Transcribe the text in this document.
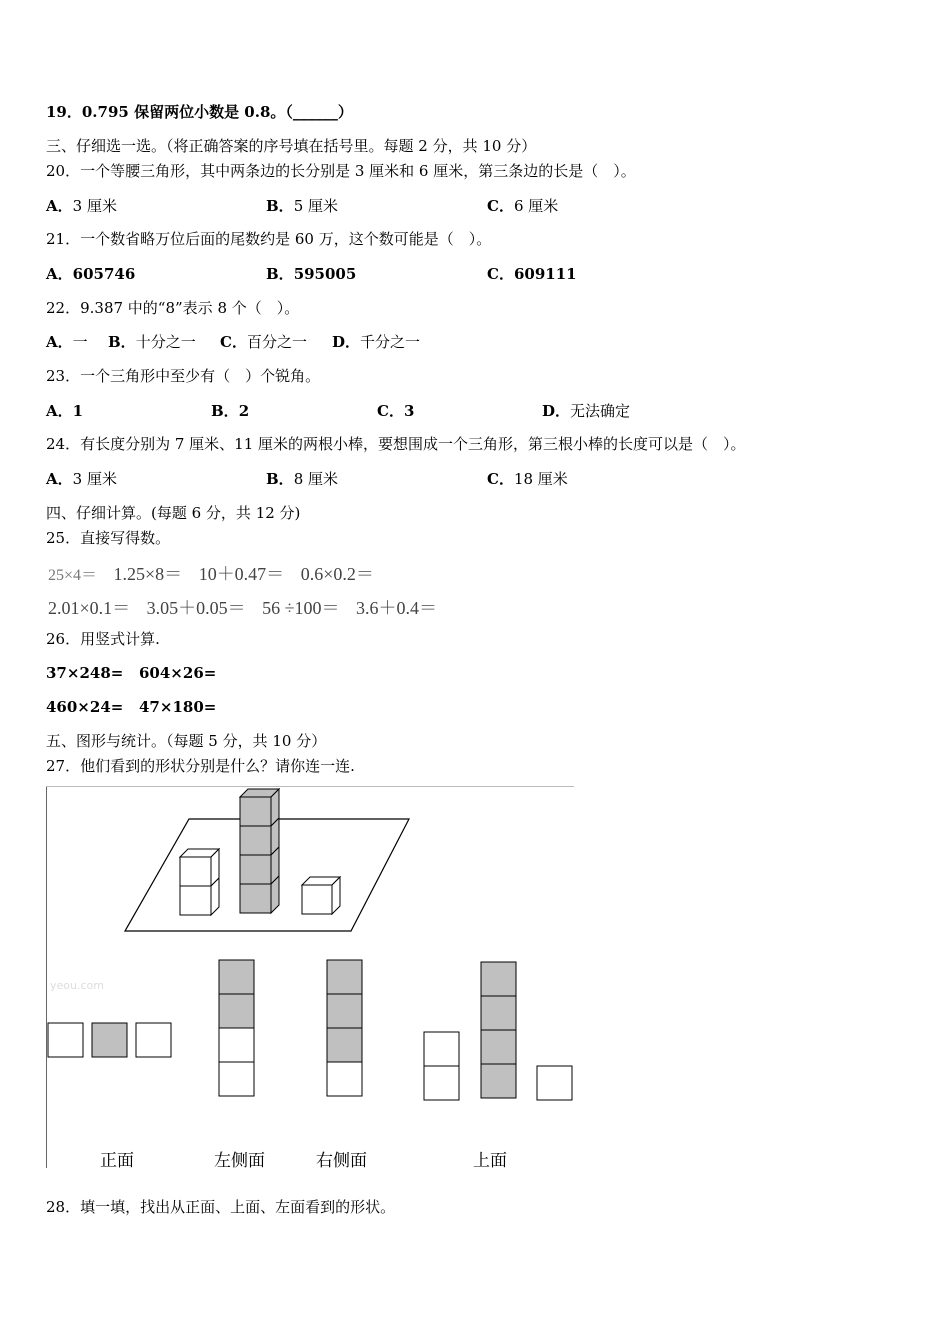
19．0.795 保留两位小数是 0.8。（______）
三、仔细选一选。（将正确答案的序号填在括号里。每题 2 分，共 10 分）
20．一个等腰三角形，其中两条边的长分别是 3 厘米和 6 厘米，第三条边的长是（　）。
A．3 厘米	B．5 厘米	C．6 厘米
21．一个数省略万位后面的尾数约是 60 万，这个数可能是（　）。
A．605746	B．595005	C．609111
22．9.387 中的“8”表示 8 个（　）。
A．一 B．十分之一 C．百分之一 D．千分之一
23．一个三角形中至少有（　）个锐角。
A．1	B．2	C．3	D．无法确定
24．有长度分别为 7 厘米、11 厘米的两根小棒，要想围成一个三角形，第三根小棒的长度可以是（　）。
A．3 厘米	B．8 厘米	C．18 厘米
四、仔细计算。(每题 6 分，共 12 分)
25．直接写得数。
25×4＝ 1.25×8＝ 10＋0.47＝ 0.6×0.2＝
2.01×0.1＝ 3.05＋0.05＝ 56 ÷100＝ 3.6＋0.4＝
26．用竖式计算.
37×248= 604×26=
460×24= 47×180=
五、图形与统计。（每题 5 分，共 10 分）
27．他们看到的形状分别是什么？请你连一连.
yeou.com
正面	左侧面	右侧面	上面
28．填一填，找出从正面、上面、左面看到的形状。
